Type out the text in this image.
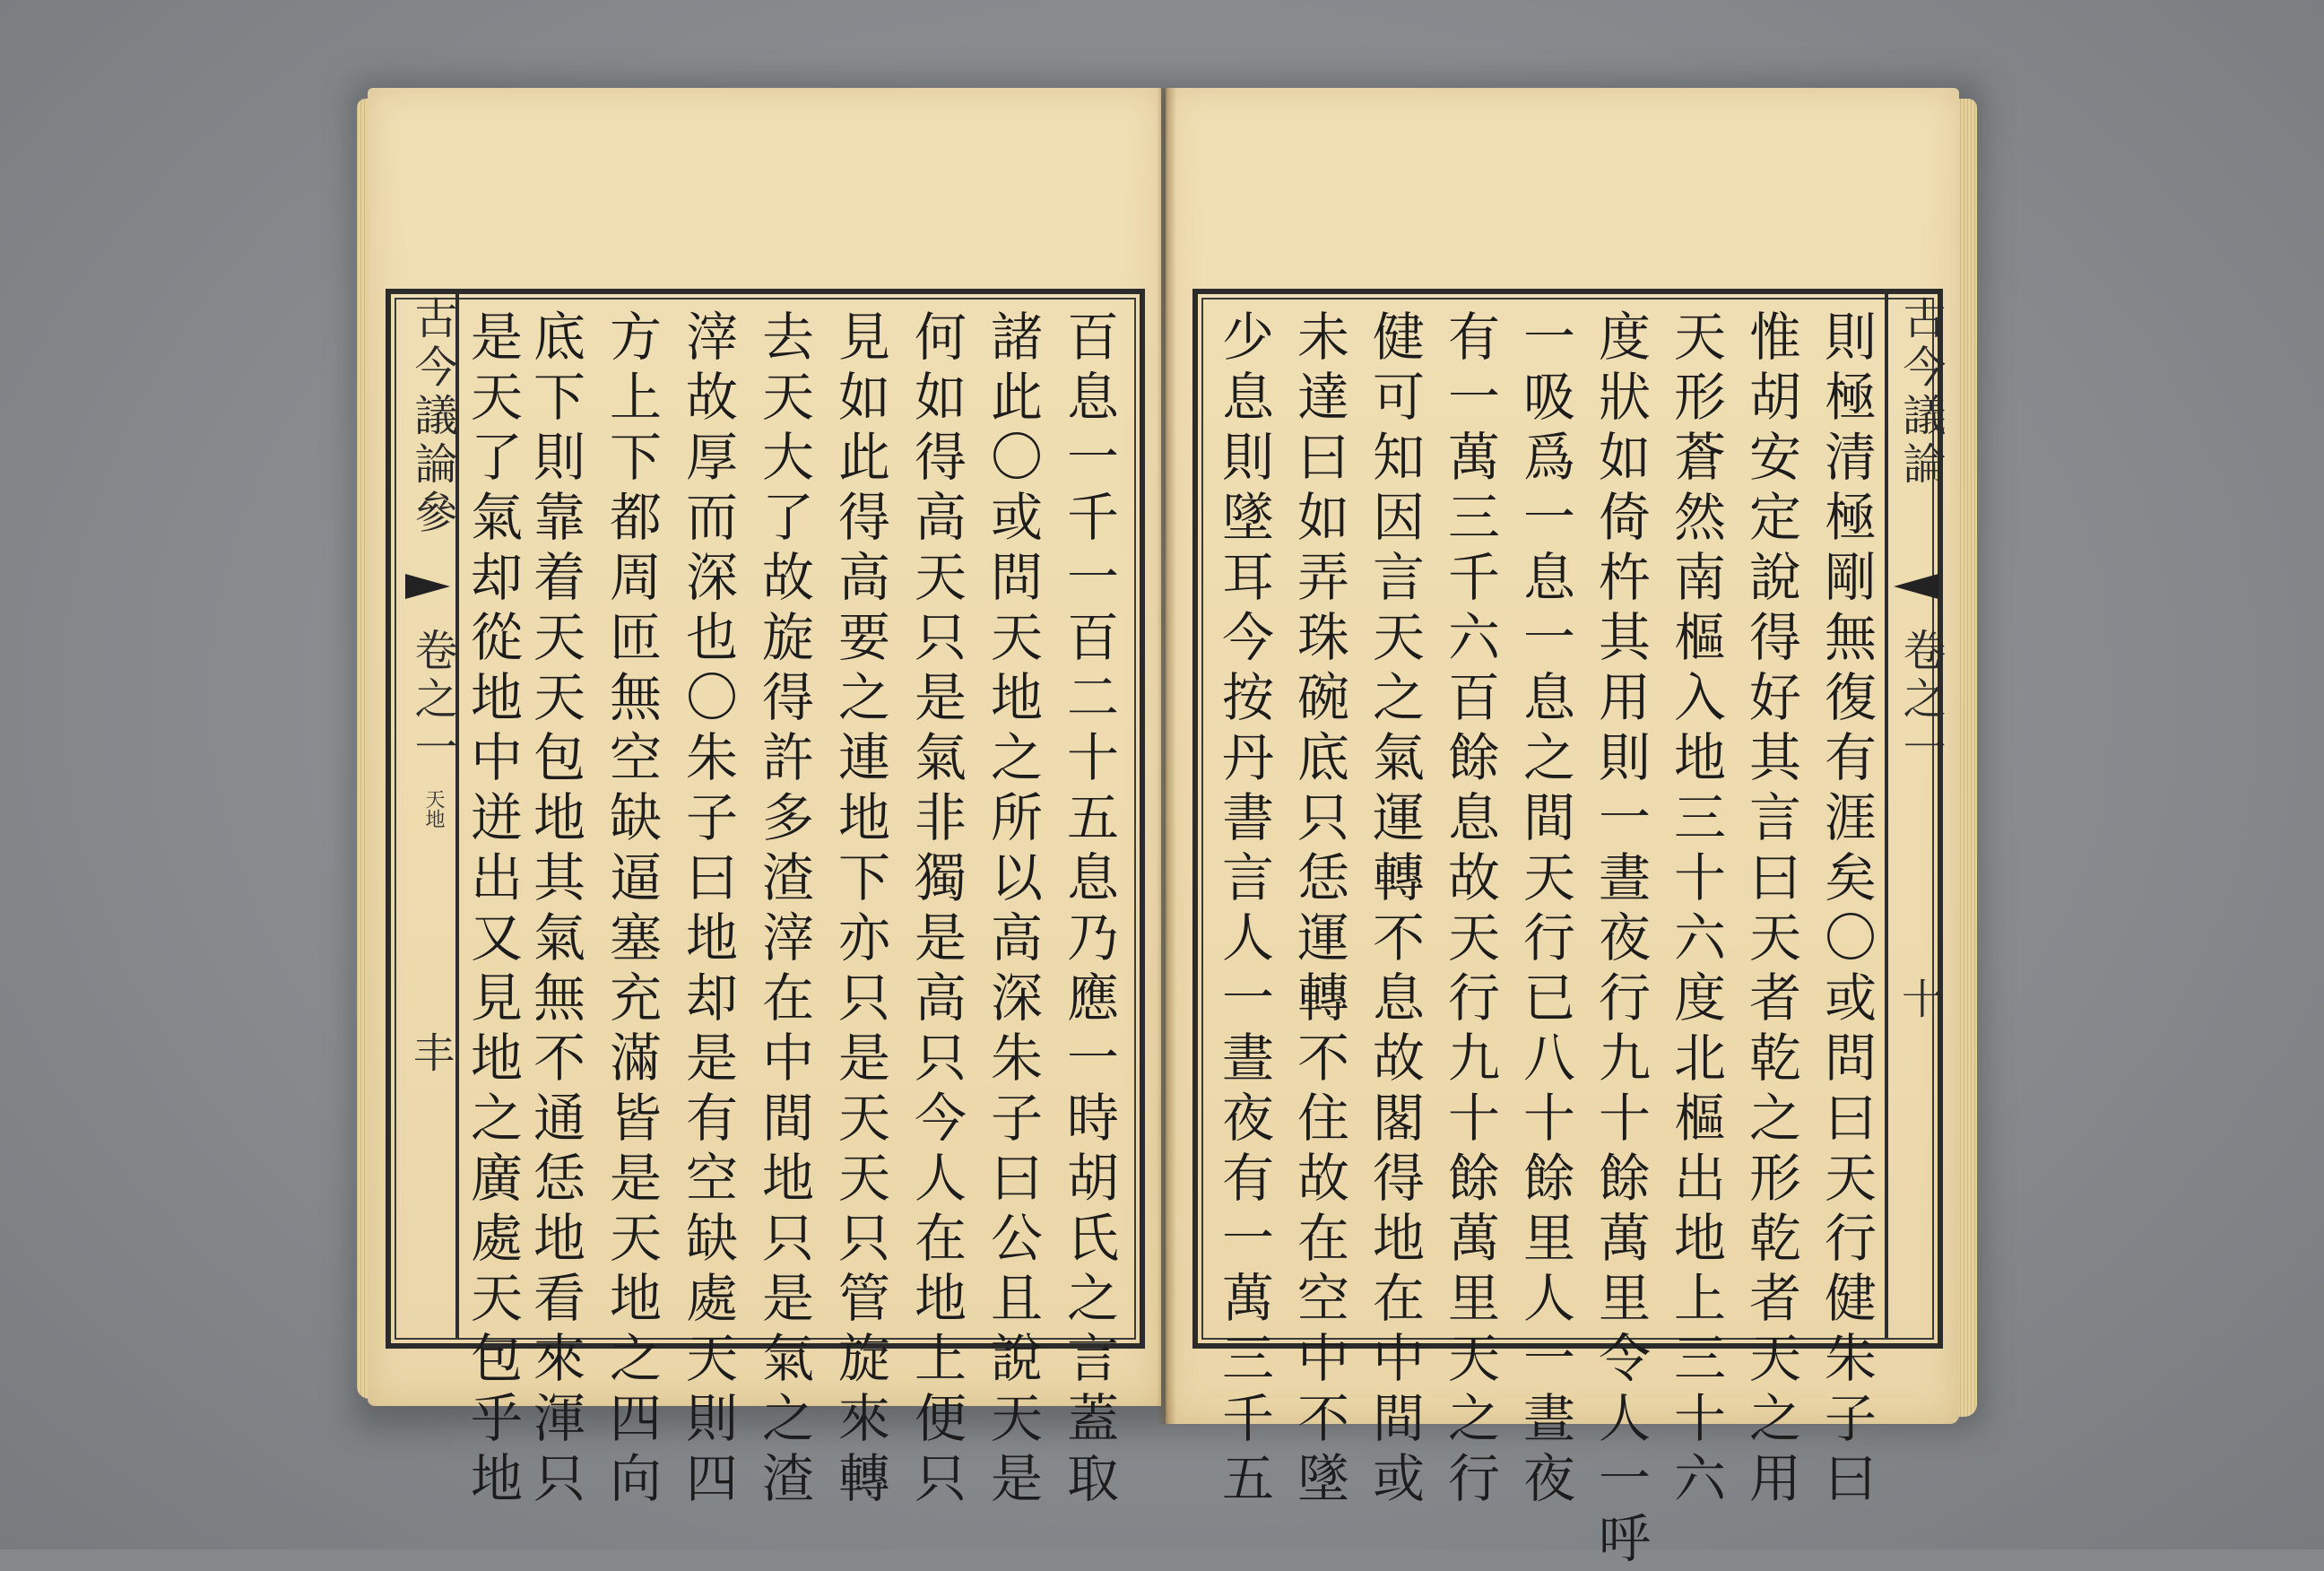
古今議論
卷之一
十
則極清極剛無復有涯矣〇或問曰天行健朱子曰
惟胡安定說得好其言曰天者乾之形乾者天之用
天形蒼然南樞入地三十六度北樞出地上三十六
度狀如倚杵其用則一晝夜行九十餘萬里令人一呼
一吸爲一息一息之間天行已八十餘里人一晝夜
有一萬三千六百餘息故天行九十餘萬里天之行
健可知因言天之氣運轉不息故閣得地在中間或
未達曰如弄珠碗底只恁運轉不住故在空中不墜
少息則墜耳今按丹書言人一晝夜有一萬三千五
古今議論參
卷之一
天地
丰	百息一千一百二十五息乃應一時胡氏之言蓋取
諸此〇或問天地之所以高深朱子曰公且說天是
何如得高天只是氣非獨是高只今人在地上便只
見如此得高要之連地下亦只是天天只管旋來轉
去天大了故旋得許多渣滓在中間地只是氣之渣
滓故厚而深也〇朱子曰地却是有空缺處天則四
方上下都周匝無空缺逼塞充滿皆是天地之四向
底下則靠着天天包地其氣無不通恁地看來渾只
是天了氣却從地中迸出又見地之廣處天包乎地
